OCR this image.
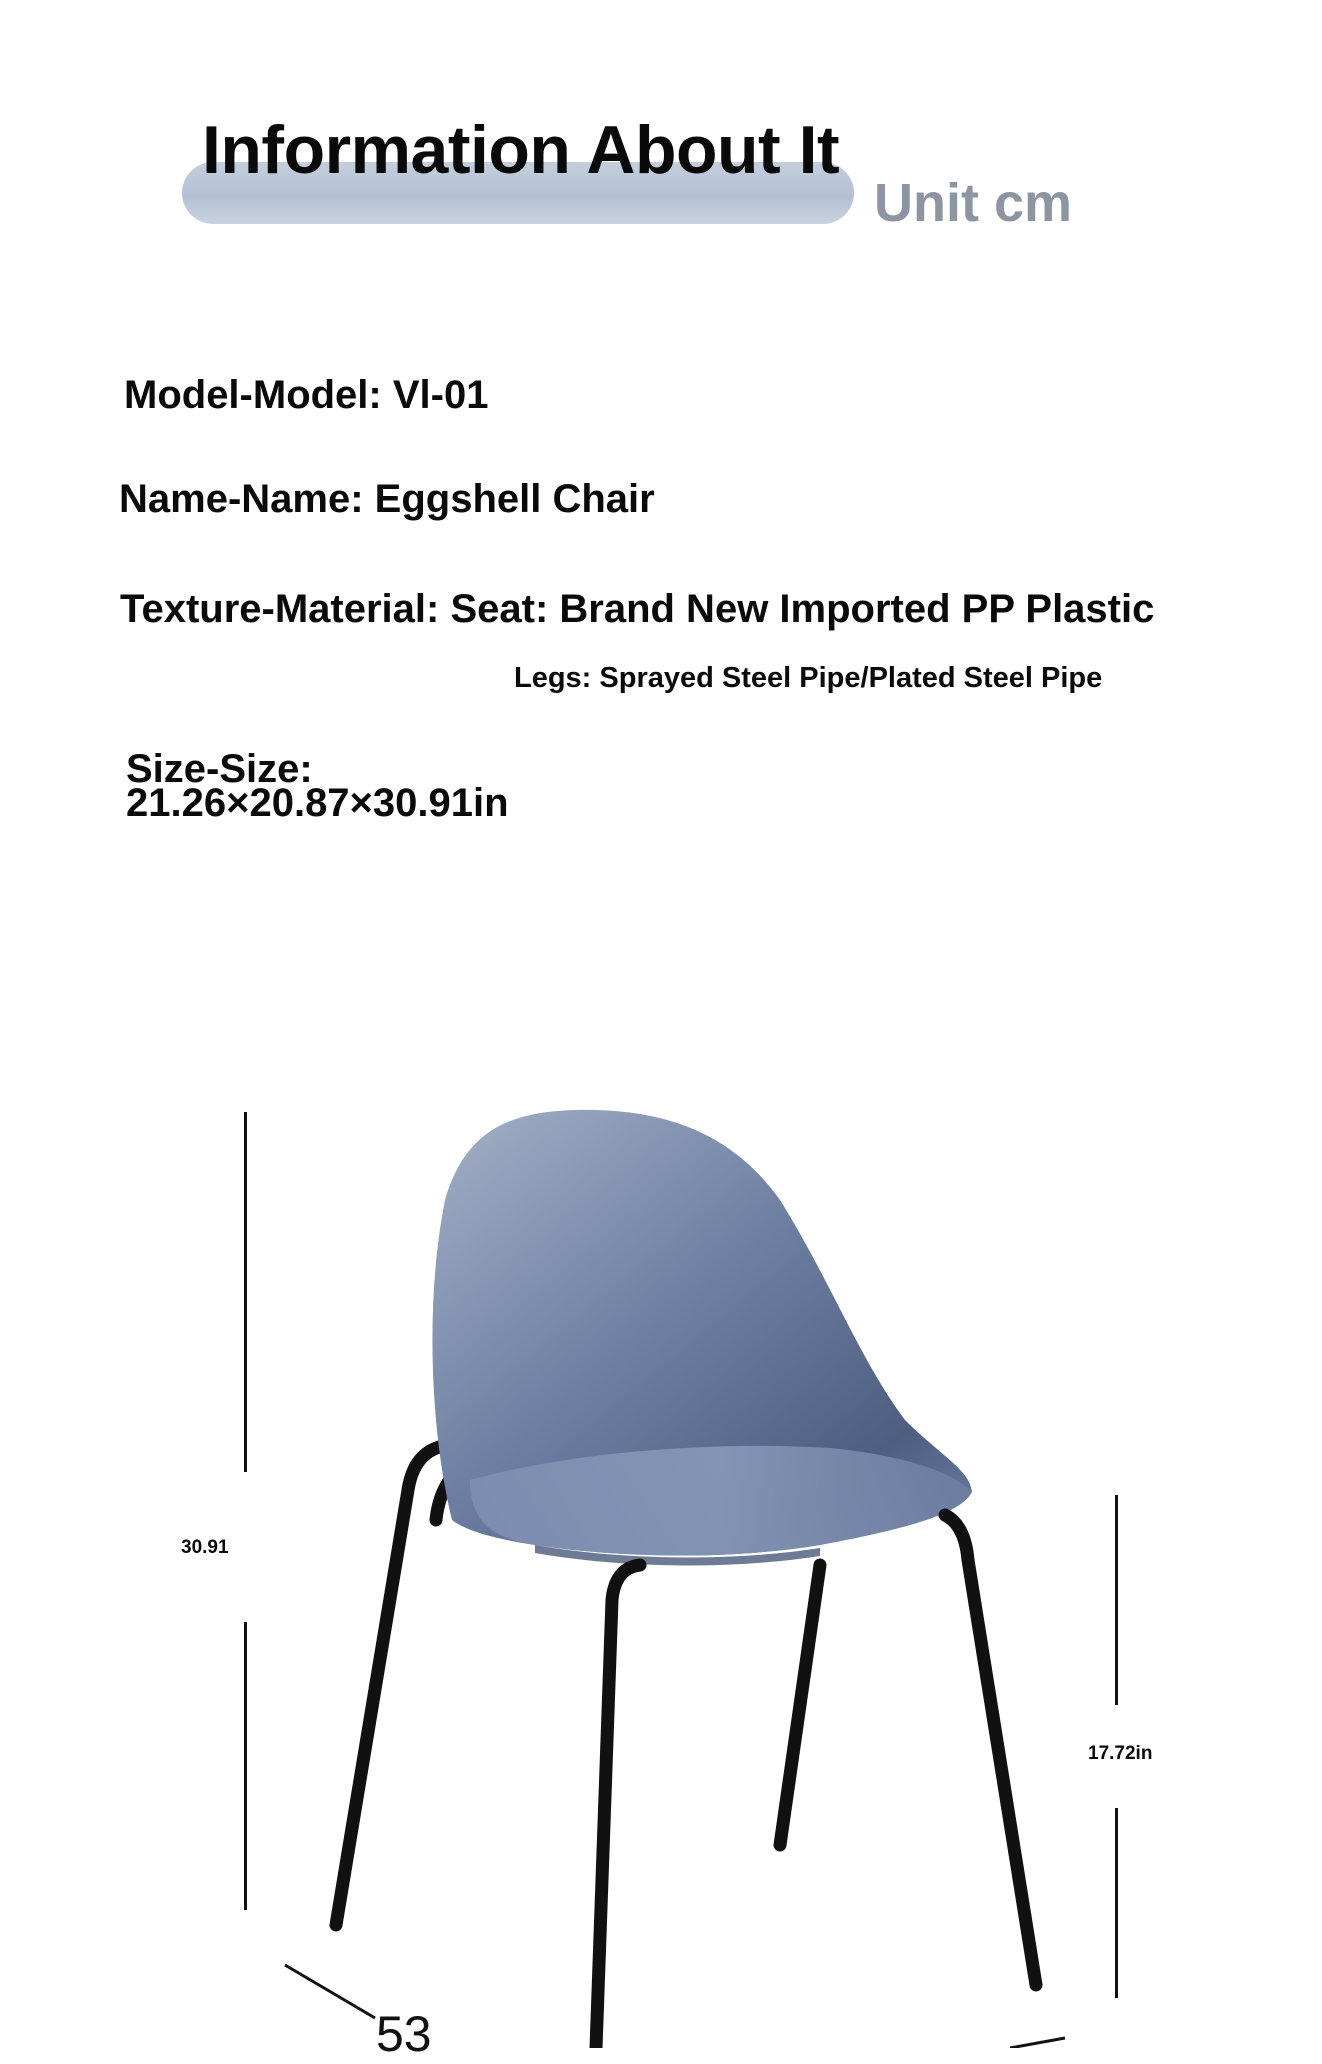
Information About It
Unit cm
Model-Model: Vl-01
Name-Name: Eggshell Chair
Texture-Material: Seat: Brand New Imported PP Plastic
Legs: Sprayed Steel Pipe/Plated Steel Pipe
Size-Size:
21.26×20.87×30.91in
30.91
17.72in
53
